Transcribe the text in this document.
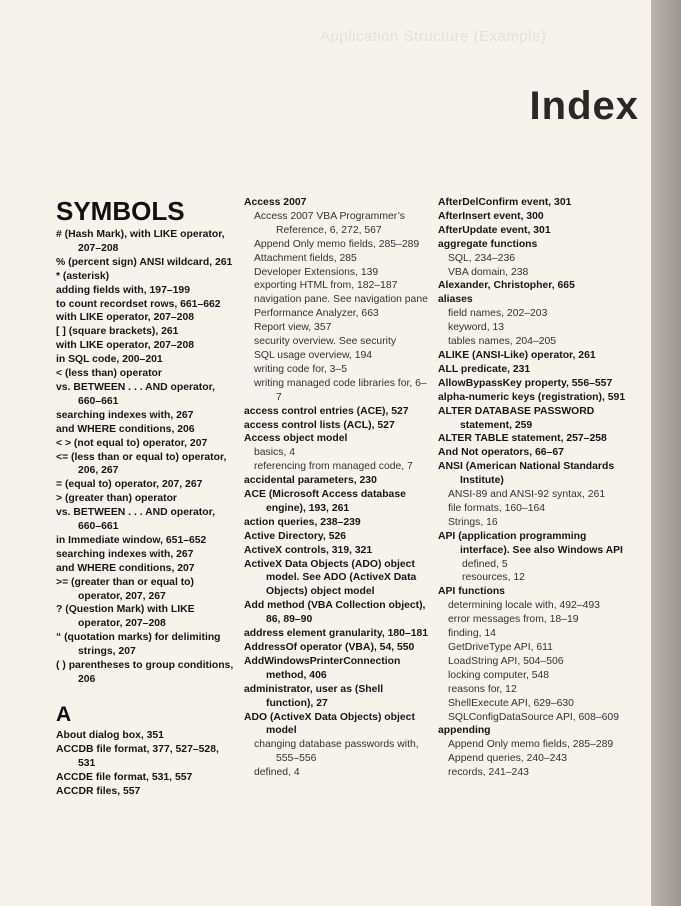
Application Structure (Example)
Index
SYMBOLS
# (Hash Mark), with LIKE operator, 207–208
% (percent sign) ANSI wildcard, 261
* (asterisk)
adding fields with, 197–199
to count recordset rows, 661–662
with LIKE operator, 207–208
[ ] (square brackets), 261
with LIKE operator, 207–208
in SQL code, 200–201
< (less than) operator
vs. BETWEEN . . . AND operator, 660–661
searching indexes with, 267
and WHERE conditions, 206
< > (not equal to) operator, 207
<= (less than or equal to) operator, 206, 267
= (equal to) operator, 207, 267
> (greater than) operator
vs. BETWEEN . . . AND operator, 660–661
in Immediate window, 651–652
searching indexes with, 267
and WHERE conditions, 207
>= (greater than or equal to) operator, 207, 267
? (Question Mark) with LIKE operator, 207–208
“ (quotation marks) for delimiting strings, 207
( ) parentheses to group conditions, 206
A
About dialog box, 351
ACCDB file format, 377, 527–528, 531
ACCDE file format, 531, 557
ACCDR files, 557
Access 2007
Access 2007 VBA Programmer’s Reference, 6, 272, 567
Append Only memo fields, 285–289
Attachment fields, 285
Developer Extensions, 139
exporting HTML from, 182–187
navigation pane. See navigation pane
Performance Analyzer, 663
Report view, 357
security overview. See security
SQL usage overview, 194
writing code for, 3–5
writing managed code libraries for, 6–7
access control entries (ACE), 527
access control lists (ACL), 527
Access object model
basics, 4
referencing from managed code, 7
accidental parameters, 230
ACE (Microsoft Access database engine), 193, 261
action queries, 238–239
Active Directory, 526
ActiveX controls, 319, 321
ActiveX Data Objects (ADO) object model. See ADO (ActiveX Data Objects) object model
Add method (VBA Collection object), 86, 89–90
address element granularity, 180–181
AddressOf operator (VBA), 54, 550
AddWindowsPrinterConnection method, 406
administrator, user as (Shell function), 27
ADO (ActiveX Data Objects) object model
changing database passwords with, 555–556
defined, 4
AfterDelConfirm event, 301
AfterInsert event, 300
AfterUpdate event, 301
aggregate functions
SQL, 234–236
VBA domain, 238
Alexander, Christopher, 665
aliases
field names, 202–203
keyword, 13
tables names, 204–205
ALIKE (ANSI-Like) operator, 261
ALL predicate, 231
AllowBypassKey property, 556–557
alpha-numeric keys (registration), 591
ALTER DATABASE PASSWORD statement, 259
ALTER TABLE statement, 257–258
And Not operators, 66–67
ANSI (American National Standards Institute)
ANSI-89 and ANSI-92 syntax, 261
file formats, 160–164
Strings, 16
API (application programming interface). See also Windows API
defined, 5
resources, 12
API functions
determining locale with, 492–493
error messages from, 18–19
finding, 14
GetDriveType API, 611
LoadString API, 504–506
locking computer, 548
reasons for, 12
ShellExecute API, 629–630
SQLConfigDataSource API, 608–609
appending
Append Only memo fields, 285–289
Append queries, 240–243
records, 241–243
